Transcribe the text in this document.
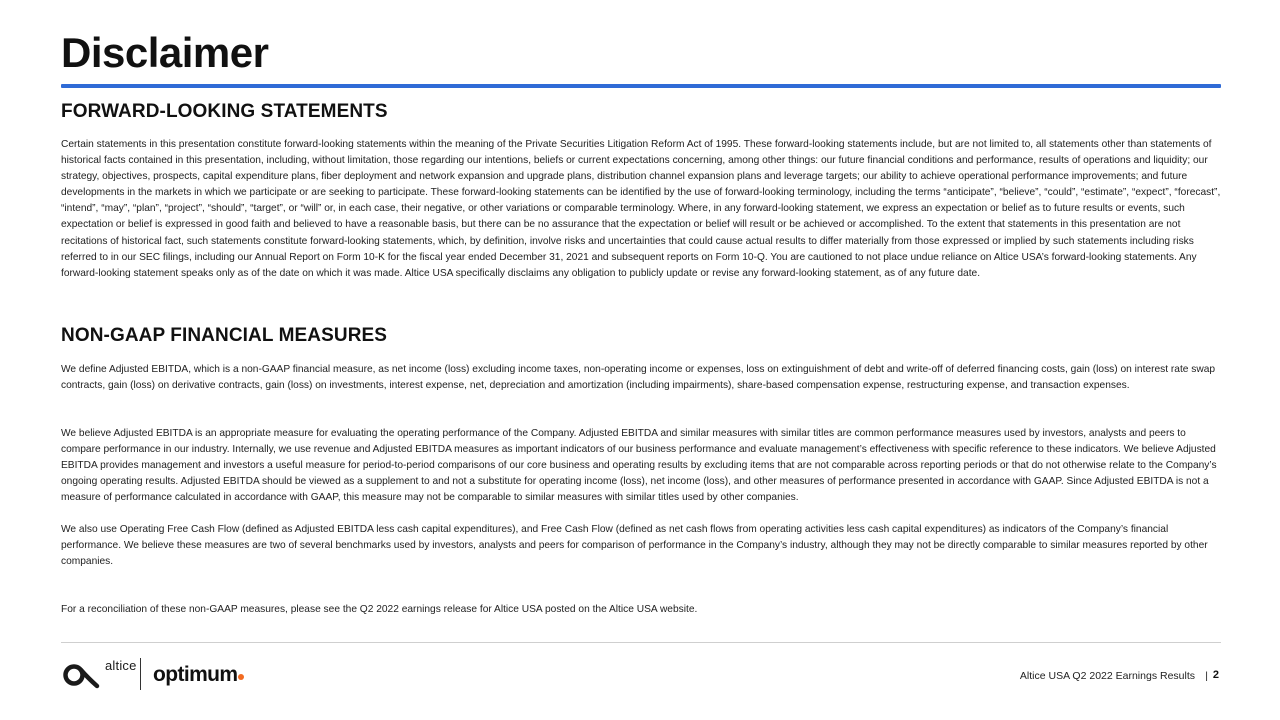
Disclaimer
FORWARD-LOOKING STATEMENTS

Certain statements in this presentation constitute forward-looking statements within the meaning of the Private Securities Litigation Reform Act of 1995. These forward-looking statements include, but are not limited to, all statements other than statements of historical facts contained in this presentation, including, without limitation, those regarding our intentions, beliefs or current expectations concerning, among other things: our future financial conditions and performance, results of operations and liquidity; our strategy, objectives, prospects, capital expenditure plans, fiber deployment and network expansion and upgrade plans, distribution channel expansion plans and leverage targets; our ability to achieve operational performance improvements; and future developments in the markets in which we participate or are seeking to participate. These forward-looking statements can be identified by the use of forward-looking terminology, including the terms “anticipate”, “believe”, “could”, “estimate”, “expect”, “forecast”, “intend”, “may”, “plan”, “project”, “should”, “target”, or “will” or, in each case, their negative, or other variations or comparable terminology. Where, in any forward-looking statement, we express an expectation or belief as to future results or events, such expectation or belief is expressed in good faith and believed to have a reasonable basis, but there can be no assurance that the expectation or belief will result or be achieved or accomplished. To the extent that statements in this presentation are not recitations of historical fact, such statements constitute forward-looking statements, which, by definition, involve risks and uncertainties that could cause actual results to differ materially from those expressed or implied by such statements including risks referred to in our SEC filings, including our Annual Report on Form 10-K for the fiscal year ended December 31, 2021 and subsequent reports on Form 10-Q. You are cautioned to not place undue reliance on Altice USA’s forward-looking statements. Any forward-looking statement speaks only as of the date on which it was made. Altice USA specifically disclaims any obligation to publicly update or revise any forward-looking statement, as of any future date.

NON-GAAP FINANCIAL MEASURES

We define Adjusted EBITDA, which is a non-GAAP financial measure, as net income (loss) excluding income taxes, non-operating income or expenses, loss on extinguishment of debt and write-off of deferred financing costs, gain (loss) on interest rate swap contracts, gain (loss) on derivative contracts, gain (loss) on investments, interest expense, net, depreciation and amortization (including impairments), share-based compensation expense, restructuring expense, and transaction expenses.

We believe Adjusted EBITDA is an appropriate measure for evaluating the operating performance of the Company. Adjusted EBITDA and similar measures with similar titles are common performance measures used by investors, analysts and peers to compare performance in our industry. Internally, we use revenue and Adjusted EBITDA measures as important indicators of our business performance and evaluate management’s effectiveness with specific reference to these indicators. We believe Adjusted EBITDA provides management and investors a useful measure for period-to-period comparisons of our core business and operating results by excluding items that are not comparable across reporting periods or that do not otherwise relate to the Company’s ongoing operating results. Adjusted EBITDA should be viewed as a supplement to and not a substitute for operating income (loss), net income (loss), and other measures of performance presented in accordance with GAAP. Since Adjusted EBITDA is not a measure of performance calculated in accordance with GAAP, this measure may not be comparable to similar measures with similar titles used by other companies.

We also use Operating Free Cash Flow (defined as Adjusted EBITDA less cash capital expenditures), and Free Cash Flow (defined as net cash flows from operating activities less cash capital expenditures) as indicators of the Company’s financial performance. We believe these measures are two of several benchmarks used by investors, analysts and peers for comparison of performance in the Company’s industry, although they may not be directly comparable to similar measures reported by other companies.

For a reconciliation of these non-GAAP measures, please see the Q2 2022 earnings release for Altice USA posted on the Altice USA website.

altice optimum	Altice USA Q2 2022 Earnings Results | 2
